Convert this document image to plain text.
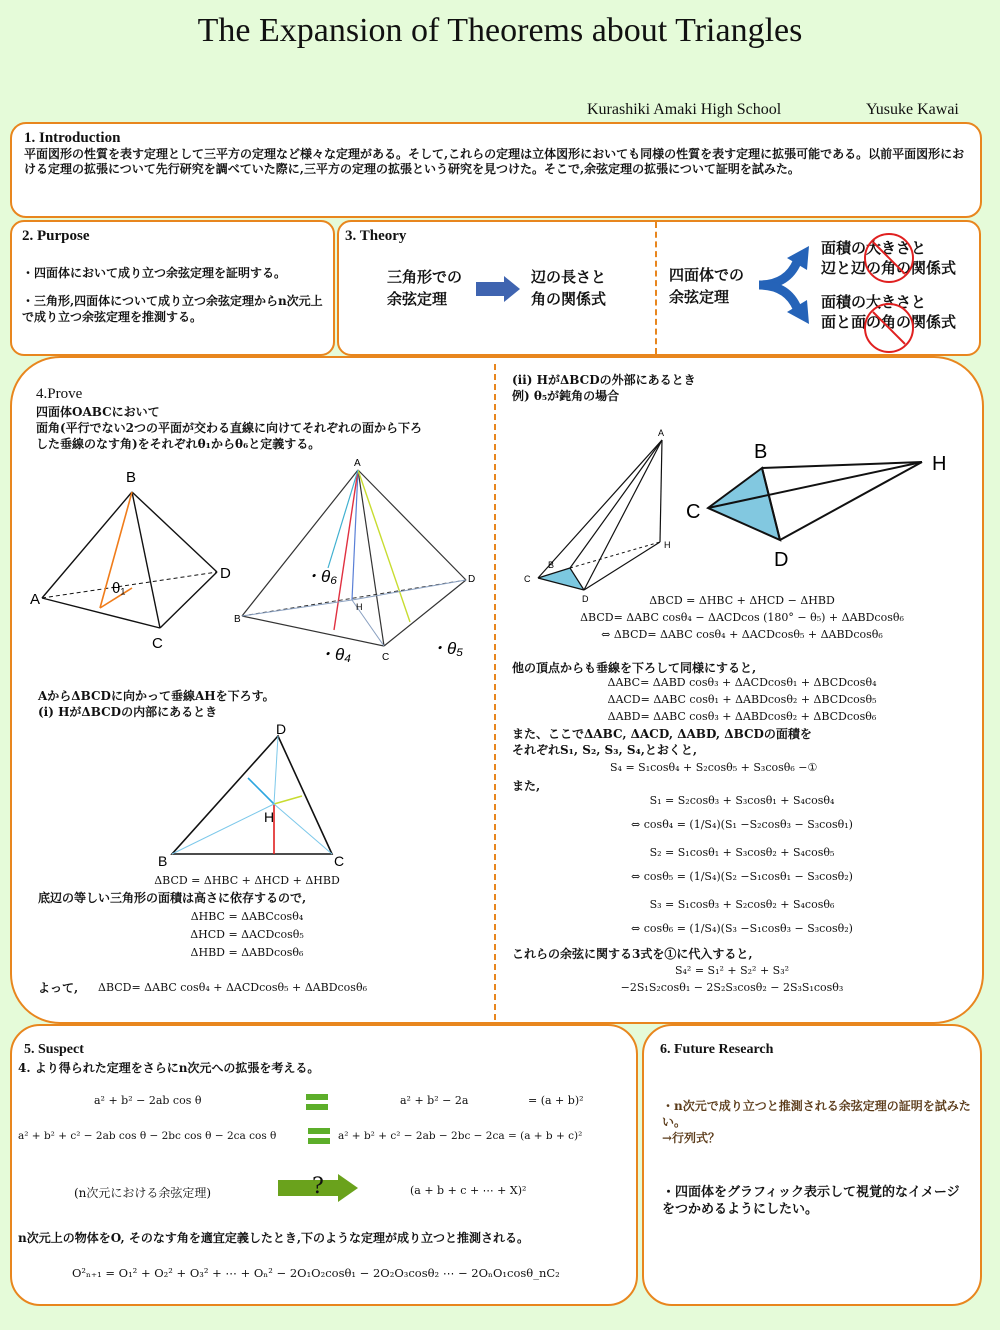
The Expansion of Theorems about Triangles
Kurashiki Amaki High School	Yusuke Kawai
1. Introduction
平面図形の性質を表す定理として三平方の定理など様々な定理がある。そして,これらの定理は立体図形においても同様の性質を表す定理に拡張可能である。以前平面図形における定理の拡張について先行研究を調べていた際に,三平方の定理の拡張という研究を見つけた。そこで,余弦定理の拡張について証明を試みた。
2. Purpose
・四面体において成り立つ余弦定理を証明する。
・三角形,四面体について成り立つ余弦定理からn次元上で成り立つ余弦定理を推測する。
3. Theory
三角形での
余弦定理
辺の長さと
角の関係式
四面体での
余弦定理
面積の大きさと
辺と辺の角の関係式
面積の大きさと
面と面の角の関係式
4.Prove
四面体OABCにおいて
面角(平行でない2つの平面が交わる直線に向けてそれぞれの面から下ろ
した垂線のなす角)をそれぞれθ₁からθ₆と定義する。
B
A
C
D
θ₁
A
B
C
D
H
・θ₄	・θ₅
・θ₆
AからΔBCDに向かって垂線AHを下ろす。
(ⅰ) HがΔBCDの内部にあるとき
D
B	C
H
ΔBCD = ΔHBC + ΔHCD + ΔHBD
底辺の等しい三角形の面積は高さに依存するので,
ΔHBC = ΔABCcosθ₄
ΔHCD = ΔACDcosθ₅
ΔHBD = ΔABDcosθ₆
よって, ΔBCD= ΔABC cosθ₄ + ΔACDcosθ₅ + ΔABDcosθ₆
(ⅱ) HがΔBCDの外部にあるとき
例) θ₅が鈍角の場合
A
B
C
D
H
B
C
D
H
ΔBCD = ΔHBC + ΔHCD − ΔHBD
ΔBCD= ΔABC cosθ₄ − ΔACDcos (180° − θ₅) + ΔABDcosθ₆
⇔ ΔBCD= ΔABC cosθ₄ + ΔACDcosθ₅ + ΔABDcosθ₆
他の頂点からも垂線を下ろして同様にすると,
ΔABC= ΔABD cosθ₃ + ΔACDcosθ₁ + ΔBCDcosθ₄
ΔACD= ΔABC cosθ₁ + ΔABDcosθ₂ + ΔBCDcosθ₅
ΔABD= ΔABC cosθ₃ + ΔABDcosθ₂ + ΔBCDcosθ₆
また、ここでΔABC, ΔACD, ΔABD, ΔBCDの面積を
それぞれS₁, S₂, S₃, S₄,とおくと,
S₄ = S₁cosθ₄ + S₂cosθ₅ + S₃cosθ₆ −①
また,
S₁ = S₂cosθ₃ + S₃cosθ₁ + S₄cosθ₄
⇔ cosθ₄ = (1/S₄)(S₁ −S₂cosθ₃ − S₃cosθ₁)
S₂ = S₁cosθ₁ + S₃cosθ₂ + S₄cosθ₅
⇔ cosθ₅ = (1/S₄)(S₂ −S₁cosθ₁ − S₃cosθ₂)
S₃ = S₁cosθ₃ + S₂cosθ₂ + S₄cosθ₆
⇔ cosθ₆ = (1/S₄)(S₃ −S₁cosθ₃ − S₃cosθ₂)
これらの余弦に関する3式を①に代入すると,
S₄² = S₁² + S₂² + S₃²
−2S₁S₂cosθ₁ − 2S₂S₃cosθ₂ − 2S₃S₁cosθ₃
5. Suspect
4. より得られた定理をさらにn次元への拡張を考える。
a² + b² − 2ab cos θ	a² + b² − 2a	= (a + b)²
a² + b² + c² − 2ab cos θ − 2bc cos θ − 2ca cos θ	a² + b² + c² − 2ab − 2bc − 2ca = (a + b + c)²
(n次元における余弦定理)	?	(a + b + c + ⋯ + X)²
n次元上の物体をO, そのなす角を適宜定義したとき,下のような定理が成り立つと推測される。
O²ₙ₊₁ = O₁² + O₂² + O₃² + ⋯ + Oₙ² − 2O₁O₂cosθ₁ − 2O₂O₃cosθ₂ ⋯ − 2OₙO₁cosθ_nC₂
6. Future Research
・n次元で成り立つと推測される余弦定理の証明を試みたい。
→行列式？
・四面体をグラフィック表示して視覚的なイメージをつかめるようにしたい。
